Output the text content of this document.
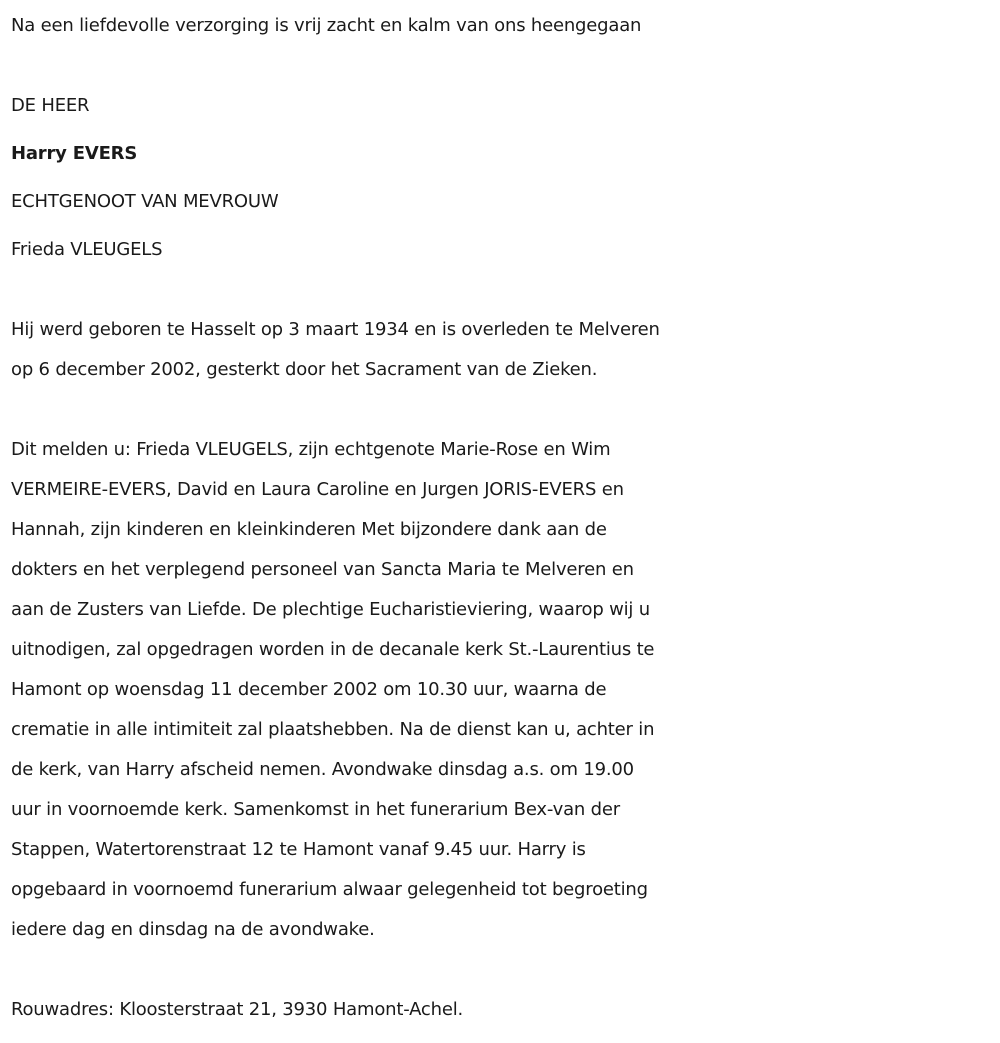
Na een liefdevolle verzorging is vrij zacht en kalm van ons heengegaan

DE HEER

Harry EVERS

ECHTGENOOT VAN MEVROUW

Frieda VLEUGELS

Hij werd geboren te Hasselt op 3 maart 1934 en is overleden te Melveren

op 6 december 2002, gesterkt door het Sacrament van de Zieken.

Dit melden u: Frieda VLEUGELS, zijn echtgenote Marie-Rose en Wim

VERMEIRE-EVERS, David en Laura Caroline en Jurgen JORIS-EVERS en

Hannah, zijn kinderen en kleinkinderen Met bijzondere dank aan de

dokters en het verplegend personeel van Sancta Maria te Melveren en

aan de Zusters van Liefde. De plechtige Eucharistieviering, waarop wij u

uitnodigen, zal opgedragen worden in de decanale kerk St.-Laurentius te

Hamont op woensdag 11 december 2002 om 10.30 uur, waarna de

crematie in alle intimiteit zal plaatshebben. Na de dienst kan u, achter in

de kerk, van Harry afscheid nemen. Avondwake dinsdag a.s. om 19.00

uur in voornoemde kerk. Samenkomst in het funerarium Bex-van der

Stappen, Watertorenstraat 12 te Hamont vanaf 9.45 uur. Harry is

opgebaard in voornoemd funerarium alwaar gelegenheid tot begroeting

iedere dag en dinsdag na de avondwake.

Rouwadres: Kloosterstraat 21, 3930 Hamont-Achel.
